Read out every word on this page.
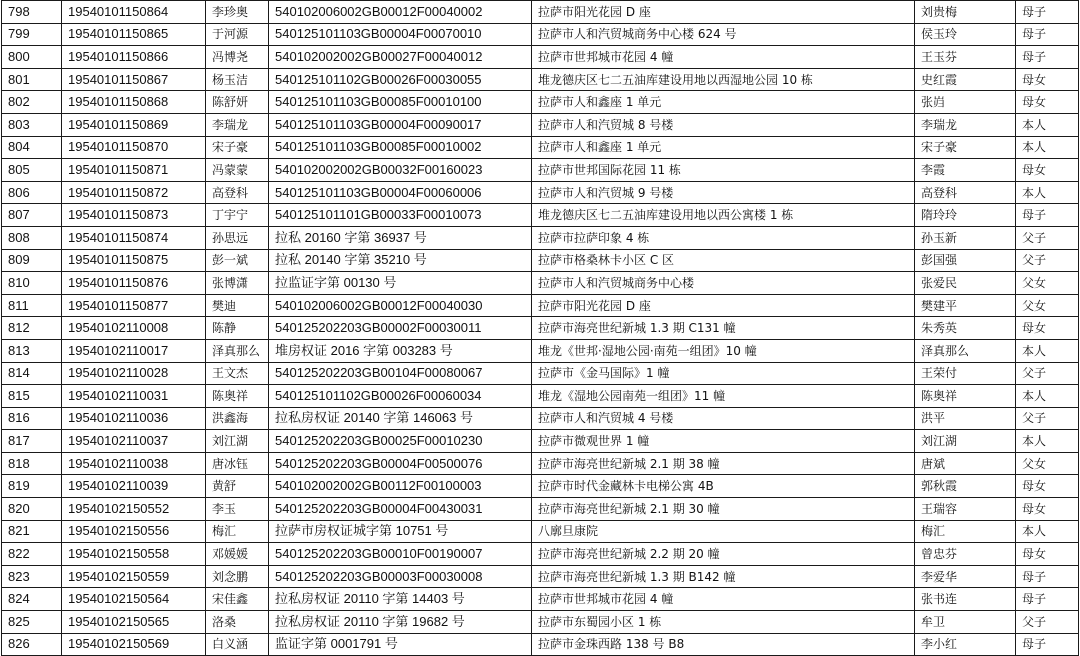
798	19540101150864	李珍奥	540102006002GB00012F00040002	拉萨市阳光花园 D 座	刘贵梅	母子
799	19540101150865	于河源	540125101103GB00004F00070010	拉萨市人和汽贸城商务中心楼 624 号	侯玉玲	母子
800	19540101150866	冯博尧	540102002002GB00027F00040012	拉萨市世邦城市花园 4 幢	王玉芬	母子
801	19540101150867	杨玉洁	540125101102GB00026F00030055	堆龙德庆区七二五油库建设用地以西湿地公园 10 栋	史红霞	母女
802	19540101150868	陈舒妍	540125101103GB00085F00010100	拉萨市人和鑫座 1 单元	张岿	母女
803	19540101150869	李瑞龙	540125101103GB00004F00090017	拉萨市人和汽贸城 8 号楼	李瑞龙	本人
804	19540101150870	宋子豪	540125101103GB00085F00010002	拉萨市人和鑫座 1 单元	宋子豪	本人
805	19540101150871	冯蒙蒙	540102002002GB00032F00160023	拉萨市世邦国际花园 11 栋	李霞	母女
806	19540101150872	高登科	540125101103GB00004F00060006	拉萨市人和汽贸城 9 号楼	高登科	本人
807	19540101150873	丁宇宁	540125101101GB00033F00010073	堆龙德庆区七二五油库建设用地以西公寓楼 1 栋	隋玲玲	母子
808	19540101150874	孙思远	拉私 20160 字第 36937 号	拉萨市拉萨印象 4 栋	孙玉新	父子
809	19540101150875	彭一斌	拉私 20140 字第 35210 号	拉萨市格桑林卡小区 C 区	彭国强	父子
810	19540101150876	张博潇	拉监证字第 00130 号	拉萨市人和汽贸城商务中心楼	张爱民	父女
811	19540101150877	樊迪	540102006002GB00012F00040030	拉萨市阳光花园 D 座	樊建平	父女
812	19540102110008	陈静	540125202203GB00002F00030011	拉萨市海亮世纪新城 1.3 期 C131 幢	朱秀英	母女
813	19540102110017	泽真那么	堆房权证 2016 字第 003283 号	堆龙《世邦·湿地公园·南苑一组团》10 幢	泽真那么	本人
814	19540102110028	王文杰	540125202203GB00104F00080067	拉萨市《金马国际》1 幢	王荣付	父子
815	19540102110031	陈奥祥	540125101102GB00026F00060034	堆龙《湿地公园南苑一组团》11 幢	陈奥祥	本人
816	19540102110036	洪鑫海	拉私房权证 20140 字第 146063 号	拉萨市人和汽贸城 4 号楼	洪平	父子
817	19540102110037	刘江湖	540125202203GB00025F00010230	拉萨市微观世界 1 幢	刘江湖	本人
818	19540102110038	唐冰钰	540125202203GB00004F00500076	拉萨市海亮世纪新城 2.1 期 38 幢	唐斌	父女
819	19540102110039	黄舒	540102002002GB00112F00100003	拉萨市时代金藏林卡电梯公寓 4B	郭秋霞	母女
820	19540102150552	李玉	540125202203GB00004F00430031	拉萨市海亮世纪新城 2.1 期 30 幢	王瑞容	母女
821	19540102150556	梅汇	拉萨市房权证城字第 10751 号	八廓旦康院	梅汇	本人
822	19540102150558	邓媛媛	540125202203GB00010F00190007	拉萨市海亮世纪新城 2.2 期 20 幢	曾忠芬	母女
823	19540102150559	刘念鹏	540125202203GB00003F00030008	拉萨市海亮世纪新城 1.3 期 B142 幢	李爱华	母子
824	19540102150564	宋佳鑫	拉私房权证 20110 字第 14403 号	拉萨市世邦城市花园 4 幢	张书连	母子
825	19540102150565	洛桑	拉私房权证 20110 字第 19682 号	拉萨市东蜀园小区 1 栋	牟卫	父子
826	19540102150569	白义涵	监证字第 0001791 号	拉萨市金珠西路 138 号 B8	李小红	母子
